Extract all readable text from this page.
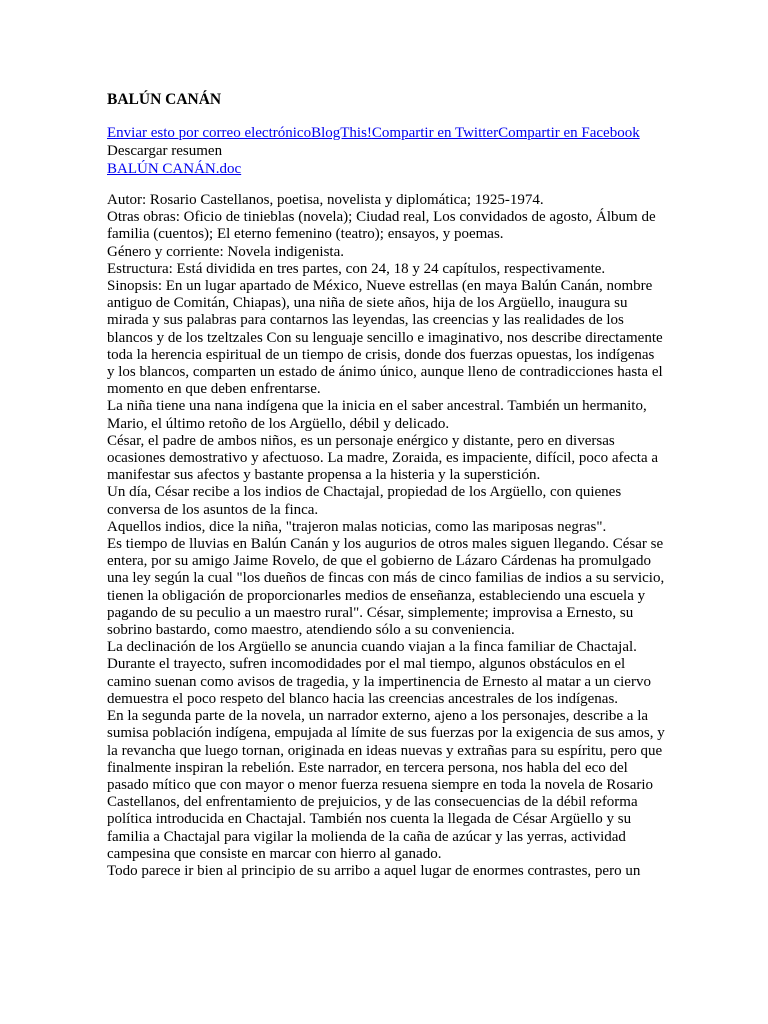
BALÚN CANÁN
Enviar esto por correo electrónicoBlogThis!Compartir en TwitterCompartir en Facebook
Descargar resumen
BALÚN CANÁN.doc

Autor: Rosario Castellanos, poetisa, novelista y diplomática; 1925-1974.

Otras obras: Oficio de tinieblas (novela); Ciudad real, Los convidados de agosto, Álbum de familia (cuentos); El eterno femenino (teatro); ensayos, y poemas.

Género y corriente: Novela indigenista.

Estructura: Está dividida en tres partes, con 24, 18 y 24 capítulos, respectivamente.

Sinopsis: En un lugar apartado de México, Nueve estrellas (en maya Balún Canán, nombre antiguo de Comitán, Chiapas), una niña de siete años, hija de los Argüello, inaugura su mirada y sus palabras para contarnos las leyendas, las creencias y las realidades de los blancos y de los tzeltzales Con su lenguaje sencillo e imaginativo, nos describe directamente toda la herencia espiritual de un tiempo de crisis, donde dos fuerzas opuestas, los indígenas y los blancos, comparten un estado de ánimo único, aunque lleno de contradicciones hasta el momento en que deben enfrentarse.

La niña tiene una nana indígena que la inicia en el saber ancestral. También un hermanito, Mario, el último retoño de los Argüello, débil y delicado.

César, el padre de ambos niños, es un personaje enérgico y distante, pero en diversas ocasiones demostrativo y afectuoso. La madre, Zoraida, es impaciente, difícil, poco afecta a manifestar sus afectos y bastante propensa a la histeria y la superstición.

Un día, César recibe a los indios de Chactajal, propiedad de los Argüello, con quienes conversa de los asuntos de la finca.

Aquellos indios, dice la niña, "trajeron malas noticias, como las mariposas negras".

Es tiempo de lluvias en Balún Canán y los augurios de otros males siguen llegando. César se entera, por su amigo Jaime Rovelo, de que el gobierno de Lázaro Cárdenas ha promulgado una ley según la cual "los dueños de fincas con más de cinco familias de indios a su servicio, tienen la obligación de proporcionarles medios de enseñanza, estableciendo una escuela y pagando de su peculio a un maestro rural". César, simplemente; improvisa a Ernesto, su sobrino bastardo, como maestro, atendiendo sólo a su conveniencia.

La declinación de los Argüello se anuncia cuando viajan a la finca familiar de Chactajal. Durante el trayecto, sufren incomodidades por el mal tiempo, algunos obstáculos en el camino suenan como avisos de tragedia, y la impertinencia de Ernesto al matar a un ciervo demuestra el poco respeto del blanco hacia las creencias ancestrales de los indígenas.

En la segunda parte de la novela, un narrador externo, ajeno a los personajes, describe a la sumisa población indígena, empujada al límite de sus fuerzas por la exigencia de sus amos, y la revancha que luego tornan, originada en ideas nuevas y extrañas para su espíritu, pero que finalmente inspiran la rebelión. Este narrador, en tercera persona, nos habla del eco del pasado mítico que con mayor o menor fuerza resuena siempre en toda la novela de Rosario Castellanos, del enfrentamiento de prejuicios, y de las consecuencias de la débil reforma política introducida en Chactajal. También nos cuenta la llegada de César Argüello y su familia a Chactajal para vigilar la molienda de la caña de azúcar y las yerras, actividad campesina que consiste en marcar con hierro al ganado.

Todo parece ir bien al principio de su arribo a aquel lugar de enormes contrastes, pero un
